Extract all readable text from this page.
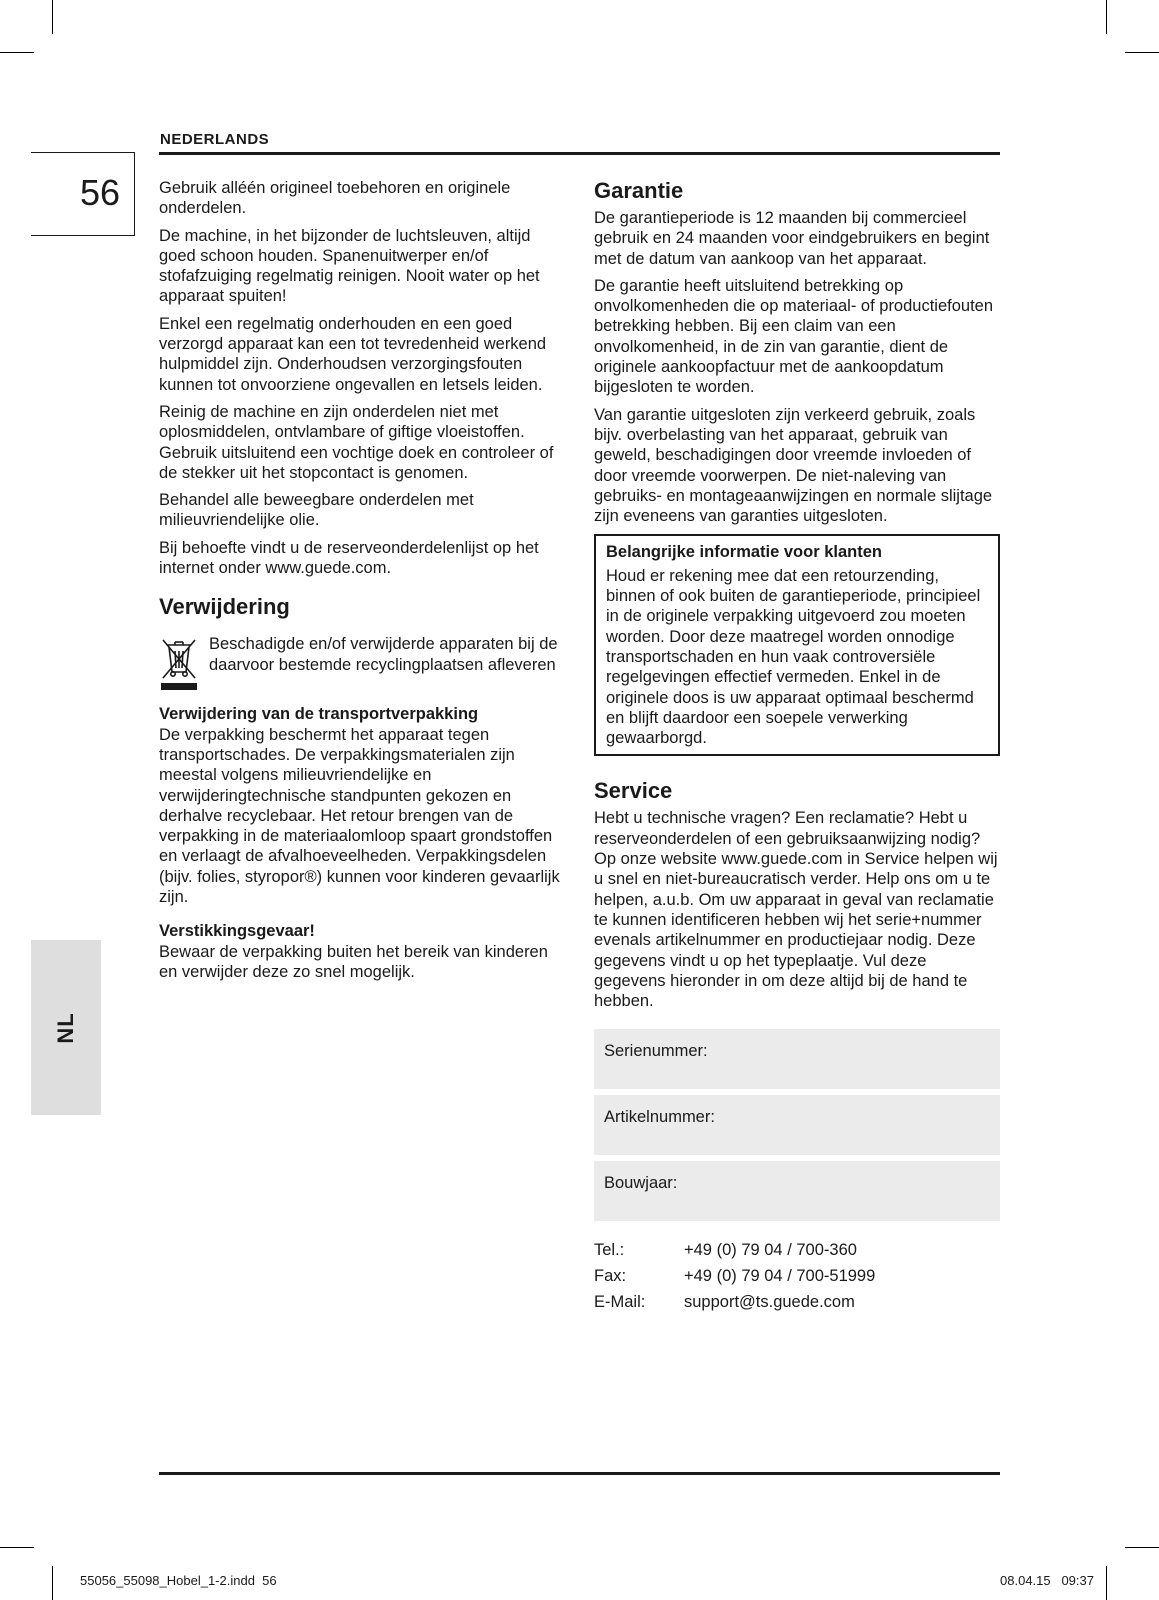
NEDERLANDS
56
NL

Gebruik alléén origineel toebehoren en originele onderdelen.

De machine, in het bijzonder de luchtsleuven, altijd goed schoon houden. Spanenuitwerper en/of stofafzuiging regelmatig reinigen. Nooit water op het apparaat spuiten!

Enkel een regelmatig onderhouden en een goed verzorgd apparaat kan een tot tevredenheid werkend hulpmiddel zijn. Onderhoudsen verzorgingsfouten kunnen tot onvoorziene ongevallen en letsels leiden.

Reinig de machine en zijn onderdelen niet met oplosmiddelen, ontvlambare of giftige vloeistoffen. Gebruik uitsluitend een vochtige doek en controleer of de stekker uit het stopcontact is genomen.

Behandel alle beweegbare onderdelen met milieuvriendelijke olie.

Bij behoefte vindt u de reserveonderdelenlijst op het internet onder www.guede.com.

Verwijdering
Beschadigde en/of verwijderde apparaten bij de daarvoor bestemde recyclingplaatsen afleveren
Verwijdering van de transportverpakking
De verpakking beschermt het apparaat tegen transportschades. De verpakkingsmaterialen zijn meestal volgens milieuvriendelijke en verwijderingtechnische standpunten gekozen en derhalve recyclebaar. Het retour brengen van de verpakking in de materiaalomloop spaart grondstoffen en verlaagt de afvalhoeveelheden. Verpakkingsdelen (bijv. folies, styropor®) kunnen voor kinderen gevaarlijk zijn.
Verstikkingsgevaar!
Bewaar de verpakking buiten het bereik van kinderen en verwijder deze zo snel mogelijk.
Garantie

De garantieperiode is 12 maanden bij commercieel gebruik en 24 maanden voor eindgebruikers en begint met de datum van aankoop van het apparaat.

De garantie heeft uitsluitend betrekking op onvolkomenheden die op materiaal- of productiefouten betrekking hebben. Bij een claim van een onvolkomenheid, in de zin van garantie, dient de originele aankoopfactuur met de aankoopdatum bijgesloten te worden.

Van garantie uitgesloten zijn verkeerd gebruik, zoals bijv. overbelasting van het apparaat, gebruik van geweld, beschadigingen door vreemde invloeden of door vreemde voorwerpen. De niet-naleving van gebruiks- en montageaanwijzingen en normale slijtage zijn eveneens van garanties uitgesloten.

Belangrijke informatie voor klanten

Houd er rekening mee dat een retourzending, binnen of ook buiten de garantieperiode, principieel in de originele verpakking uitgevoerd zou moeten worden. Door deze maatregel worden onnodige transportschaden en hun vaak controversiële regelgevingen effectief vermeden. Enkel in de originele doos is uw apparaat optimaal beschermd en blijft daardoor een soepele verwerking gewaarborgd.

Service

Hebt u technische vragen? Een reclamatie? Hebt u reserveonderdelen of een gebruiksaanwijzing nodig? Op onze website www.guede.com in Service helpen wij u snel en niet-bureaucratisch verder. Help ons om u te helpen, a.u.b. Om uw apparaat in geval van reclamatie te kunnen identificeren hebben wij het serie+nummer evenals artikelnummer en productiejaar nodig. Deze gegevens vindt u op het typeplaatje. Vul deze gegevens hieronder in om deze altijd bij de hand te hebben.

Serienummer:
Artikelnummer:
Bouwjaar:
Tel.:	+49 (0) 79 04 / 700-360
Fax:	+49 (0) 79 04 / 700-51999
E-Mail:	support@ts.guede.com
55056_55098_Hobel_1-2.indd 56	08.04.15   09:37
